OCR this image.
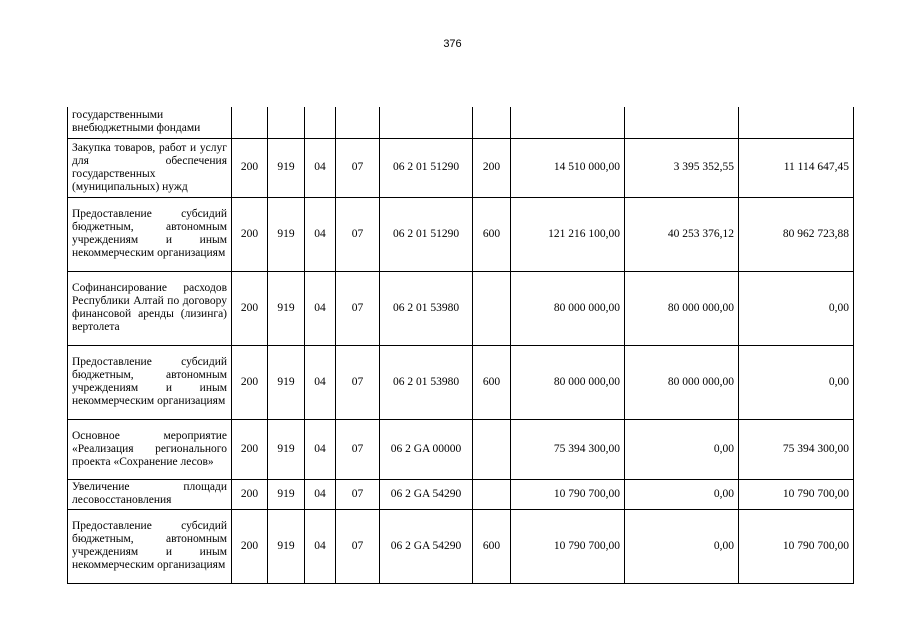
376
государственными внебюджетными фондами									
Закупка товаров, работ и услуг для обеспечения государственных (муниципальных) нужд	200	919	04	07	06 2 01 51290	200	14 510 000,00	3 395 352,55	11 114 647,45
Предоставление субсидий бюджетным, автономным учреждениям и иным некоммерческим организациям	200	919	04	07	06 2 01 51290	600	121 216 100,00	40 253 376,12	80 962 723,88
Софинансирование расходов Республики Алтай по договору финансовой аренды (лизинга) вертолета	200	919	04	07	06 2 01 53980		80 000 000,00	80 000 000,00	0,00
Предоставление субсидий бюджетным, автономным учреждениям и иным некоммерческим организациям	200	919	04	07	06 2 01 53980	600	80 000 000,00	80 000 000,00	0,00
Основное мероприятие «Реализация регионального проекта «Сохранение лесов»	200	919	04	07	06 2 GA 00000		75 394 300,00	0,00	75 394 300,00
Увеличение площади лесовосстановления	200	919	04	07	06 2 GA 54290		10 790 700,00	0,00	10 790 700,00
Предоставление субсидий бюджетным, автономным учреждениям и иным некоммерческим организациям	200	919	04	07	06 2 GA 54290	600	10 790 700,00	0,00	10 790 700,00
